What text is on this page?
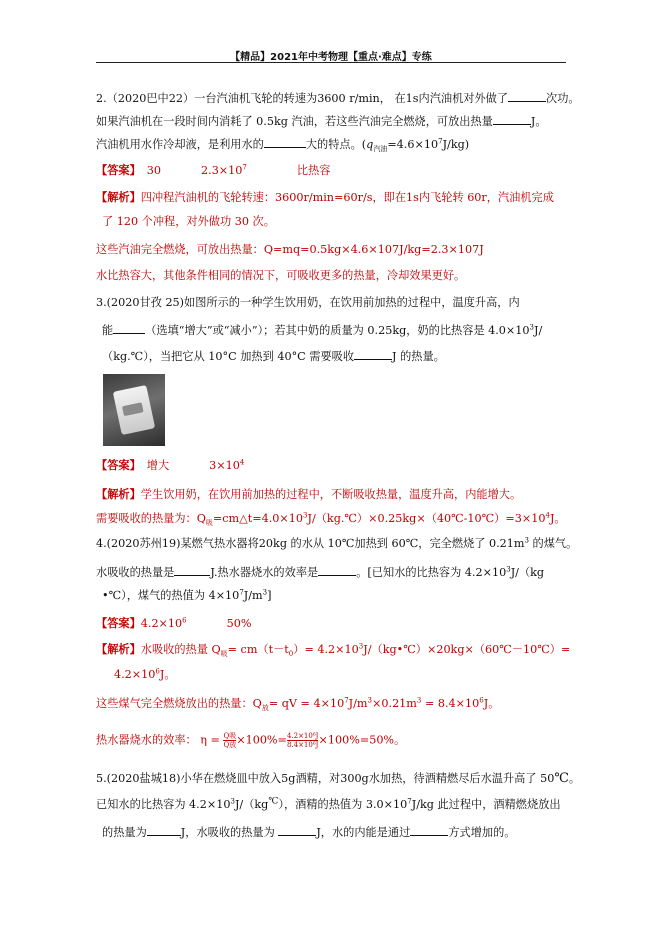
【精品】2021年中考物理【重点·难点】专练
2.（2020巴中22）一台汽油机飞轮的转速为3600 r/min， 在1s内汽油机对外做了	次功。
如果汽油机在一段时间内消耗了 0.5kg 汽油，若这些汽油完全燃烧，可放出热量	J。
汽油机用水作冷却液，是利用水的	大的特点。$(q_{汽油}=4.6\times 10^7J/kg)$
【答案】 30	$2.3\times 10^7$	比热容
【解析】四冲程汽油机的飞轮转速：3600r/min=60r/s，即在1s内飞轮转 60r，汽油机完成
了 120 个冲程，对外做功 30 次。
这些汽油完全燃烧，可放出热量：Q=mq=0.5kg×4.6×107J/kg=2.3×107J
水比热容大，其他条件相同的情况下，可吸收更多的热量，冷却效果更好。
3.(2020甘孜 25)如图所示的一种学生饮用奶，在饮用前加热的过程中，温度升高，内
能	（选填“增大”或“减小”）；若其中奶的质量为 0.25kg，奶的比热容是 $4.0\times 10^3J/$
（kg.℃），当把它从 10°C 加热到 40°C 需要吸收	J 的热量。
【答案】 增大	$3\times 10^4$
【解析】学生饮用奶，在饮用前加热的过程中，不断吸收热量，温度升高，内能增大。
需要吸收的热量为：$Q_吸=cm\triangle t=4.0\times 10^3J/(kg.℃)\times 0.25kg\times(40℃-10℃)=3\times 10^4J$。
4.(2020苏州19)某燃气热水器将20kg 的水从 10℃加热到 60℃，完全燃烧了 $0.21m^3$ 的煤气。
水吸收的热量是	J.热水器烧水的效率是	。[已知水的比热容为 $4.2\times 10^3J/(kg$
•℃），煤气的热值为 $4\times 10^7J/m^3$]
【答案】$4.2\times 10^6$	50%
【解析】水吸收的热量 $Q_吸= cm(t-t_0)=$ $4.2\times 10^3J/(kg•℃)\times 20kg\times(60℃-10℃)=$
$4.2\times 10^6J$。
这些煤气完全燃烧放出的热量：$Q_放=$ qV = $4\times 10^7J/m^3\times 0.21m^3 = 8.4\times 10^6J$。
热水器烧水的效率： $\eta = \frac{\text{Q吸}}{\text{Q放}} \times 100\%= \frac{\text{4.2×10⁶J}}{\text{8.4×10⁶J}} \times 100\%=50\%$。
5.(2020盐城18)小华在燃烧皿中放入5g酒精，对300g水加热，待酒精燃尽后水温升高了 50℃。
已知水的比热容为 $4.2\times 10^3J/(kg^℃)$，酒精的热值为 $3.0\times 10^7J/kg$ 此过程中，酒精燃烧放出
的热量为	J，水吸收的热量为	J，水的内能是通过	方式增加的。
